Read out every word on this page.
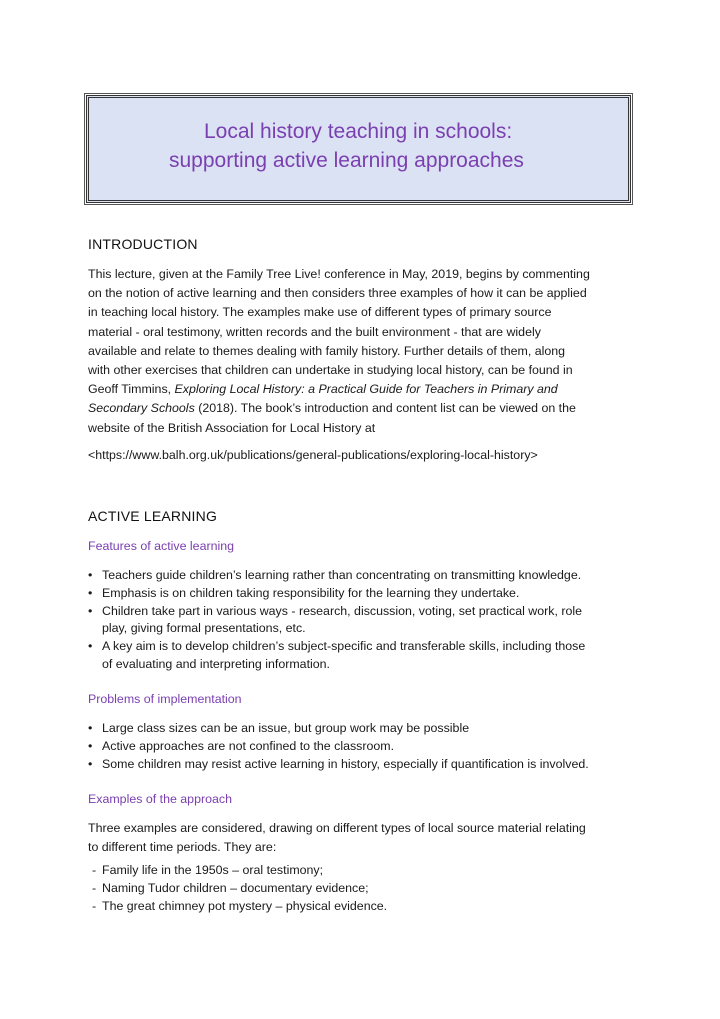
Local history teaching in schools:
supporting active learning approaches
INTRODUCTION
This lecture, given at the Family Tree Live! conference in May, 2019, begins by commenting
on the notion of active learning and then considers three examples of how it can be applied
in teaching local history. The examples make use of different types of primary source
material - oral testimony, written records and the built environment - that are widely
available and relate to themes dealing with family history. Further details of them, along
with other exercises that children can undertake in studying local history, can be found in
Geoff Timmins, Exploring Local History: a Practical Guide for Teachers in Primary and
Secondary Schools (2018). The book’s introduction and content list can be viewed on the
website of the British Association for Local History at
<https://www.balh.org.uk/publications/general-publications/exploring-local-history>
ACTIVE LEARNING
Features of active learning
• Teachers guide children’s learning rather than concentrating on transmitting knowledge.
• Emphasis is on children taking responsibility for the learning they undertake.
• Children take part in various ways - research, discussion, voting, set practical work, role
play, giving formal presentations, etc.
• A key aim is to develop children’s subject-specific and transferable skills, including those
of evaluating and interpreting information.
Problems of implementation
• Large class sizes can be an issue, but group work may be possible
• Active approaches are not confined to the classroom.
• Some children may resist active learning in history, especially if quantification is involved.
Examples of the approach
Three examples are considered, drawing on different types of local source material relating
to different time periods. They are:
- Family life in the 1950s – oral testimony;
- Naming Tudor children – documentary evidence;
- The great chimney pot mystery – physical evidence.
